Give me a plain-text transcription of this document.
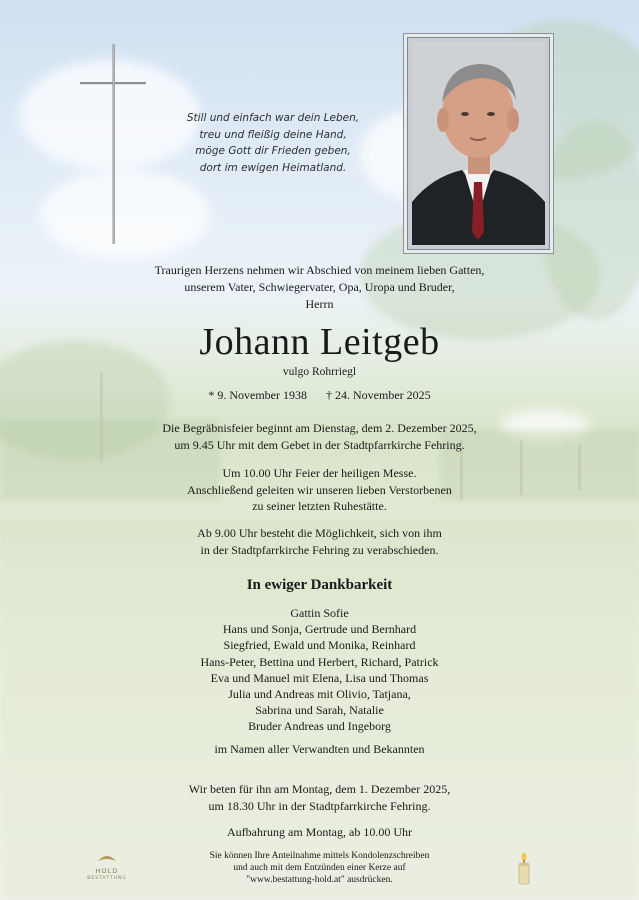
Still und einfach war dein Leben,
treu und fleißig deine Hand,
möge Gott dir Frieden geben,
dort im ewigen Heimatland.
Traurigen Herzens nehmen wir Abschied von meinem lieben Gatten,
unserem Vater, Schwiegervater, Opa, Uropa und Bruder,
Herrn
Johann Leitgeb
vulgo Rohrriegl
* 9. November 1938 † 24. November 2025
Die Begräbnisfeier beginnt am Dienstag, dem 2. Dezember 2025,
um 9.45 Uhr mit dem Gebet in der Stadtpfarrkirche Fehring.
Um 10.00 Uhr Feier der heiligen Messe.
Anschließend geleiten wir unseren lieben Verstorbenen
zu seiner letzten Ruhestätte.
Ab 9.00 Uhr besteht die Möglichkeit, sich von ihm
in der Stadtpfarrkirche Fehring zu verabschieden.
In ewiger Dankbarkeit
Gattin Sofie
Hans und Sonja, Gertrude und Bernhard
Siegfried, Ewald und Monika, Reinhard
Hans-Peter, Bettina und Herbert, Richard, Patrick
Eva und Manuel mit Elena, Lisa und Thomas
Julia und Andreas mit Olivio, Tatjana,
Sabrina und Sarah, Natalie
Bruder Andreas und Ingeborg
im Namen aller Verwandten und Bekannten
Wir beten für ihn am Montag, dem 1. Dezember 2025,
um 18.30 Uhr in der Stadtpfarrkirche Fehring.
Aufbahrung am Montag, ab 10.00 Uhr
Sie können Ihre Anteilnahme mittels Kondolenzschreiben
und auch mit dem Entzünden einer Kerze auf
"www.bestattung-hold.at" ausdrücken.
HOLD
BESTATTUNG
